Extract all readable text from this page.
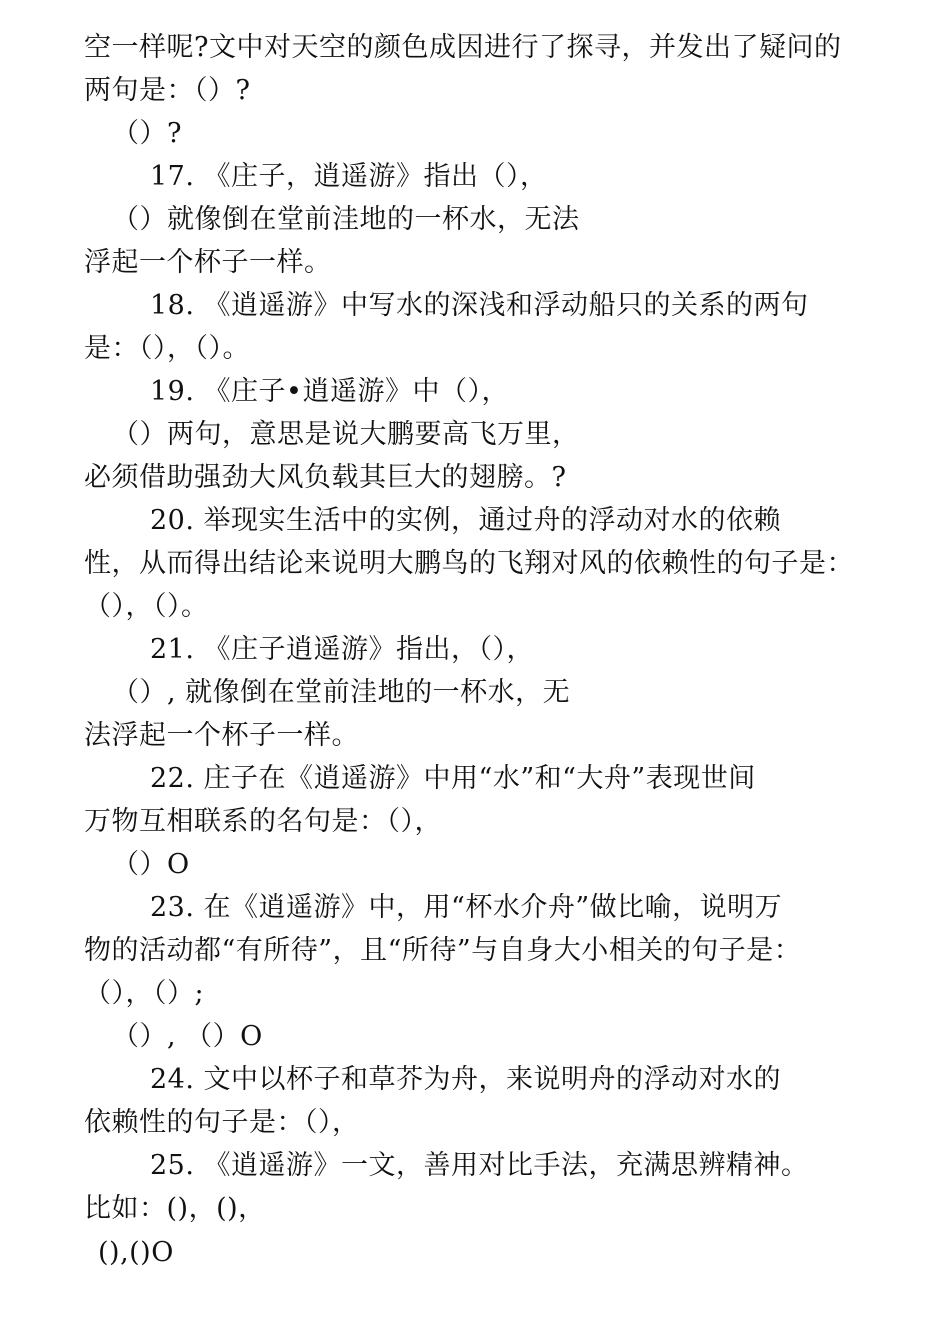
空一样呢?文中对天空的颜色成因进行了探寻，并发出了疑问的
两句是：（）?
（）?
17. 《庄子，逍遥游》指出（），
（）就像倒在堂前洼地的一杯水，无法
浮起一个杯子一样。
18. 《逍遥游》中写水的深浅和浮动船只的关系的两句
是：（），（）。
19. 《庄子•逍遥游》中（），
（）两句，意思是说大鹏要高飞万里，
必须借助强劲大风负载其巨大的翅膀。?
20. 举现实生活中的实例，通过舟的浮动对水的依赖
性，从而得出结论来说明大鹏鸟的飞翔对风的依赖性的句子是：
（），（）。
21. 《庄子逍遥游》指出，（），
（）, 就像倒在堂前洼地的一杯水，无
法浮起一个杯子一样。
22. 庄子在《逍遥游》中用“水”和“大舟”表现世间
万物互相联系的名句是：（），
（）O
23. 在《逍遥游》中，用“杯水介舟”做比喻，说明万
物的活动都“有所待”，且“所待”与自身大小相关的句子是：
（），（）;
（）, （）O
24. 文中以杯子和草芥为舟，来说明舟的浮动对水的
依赖性的句子是：（），
25. 《逍遥游》一文，善用对比手法，充满思辨精神。
比如：()，()，
(),()O
